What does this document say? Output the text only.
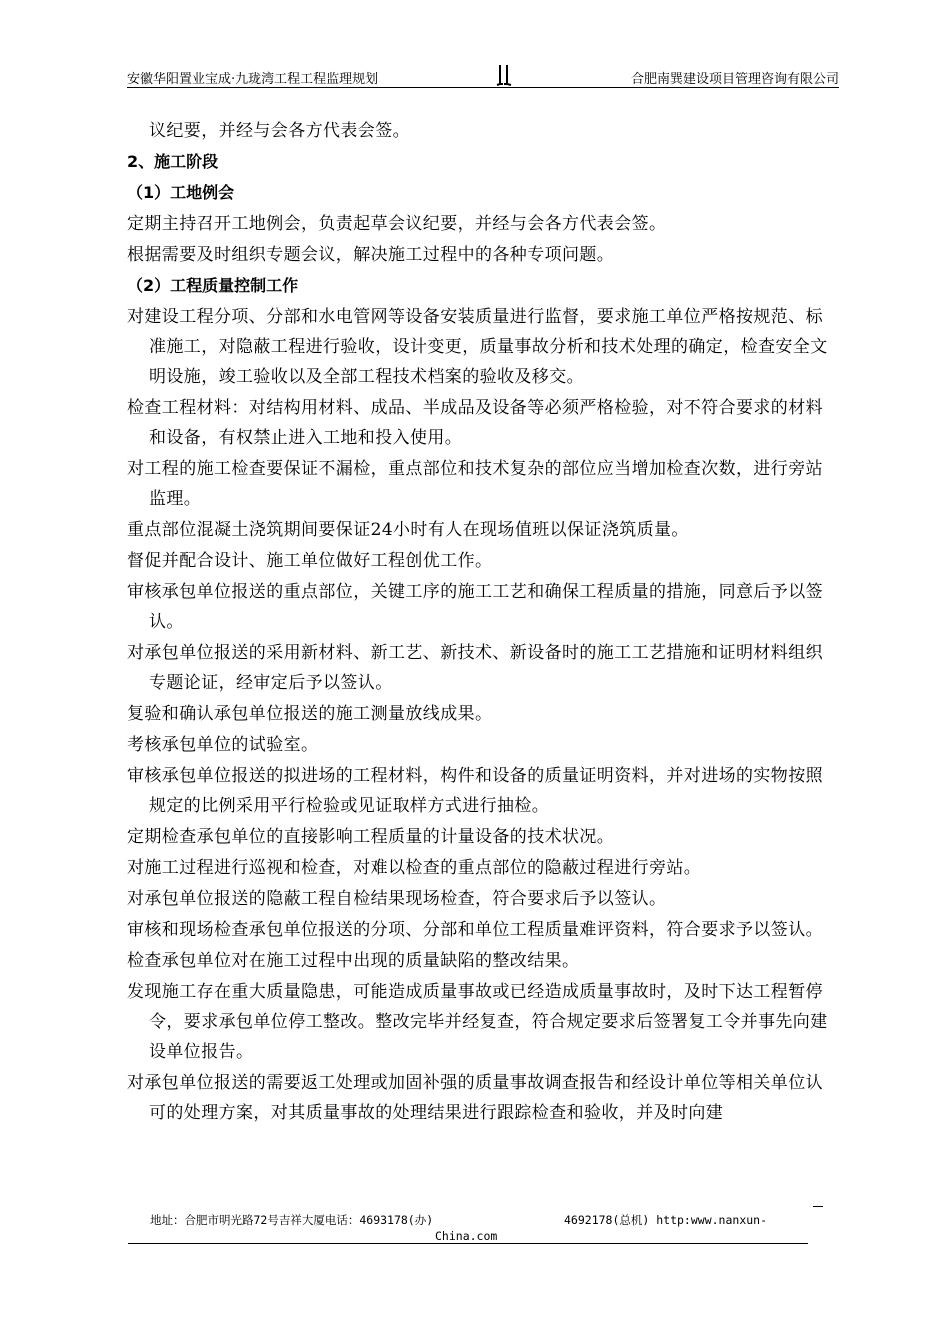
安徽华阳置业宝成·九珑湾工程工程监理规划	合肥南巽建设项目管理咨询有限公司
议纪要，并经与会各方代表会签。
2、施工阶段
（1）工地例会
定期主持召开工地例会，负责起草会议纪要，并经与会各方代表会签。
根据需要及时组织专题会议，解决施工过程中的各种专项问题。
（2）工程质量控制工作
对建设工程分项、分部和水电管网等设备安装质量进行监督，要求施工单位严格按规范、标准施工，对隐蔽工程进行验收，设计变更，质量事故分析和技术处理的确定，检查安全文明设施，竣工验收以及全部工程技术档案的验收及移交。
检查工程材料：对结构用材料、成品、半成品及设备等必须严格检验，对不符合要求的材料和设备，有权禁止进入工地和投入使用。
对工程的施工检查要保证不漏检，重点部位和技术复杂的部位应当增加检查次数，进行旁站监理。
重点部位混凝土浇筑期间要保证24小时有人在现场值班以保证浇筑质量。
督促并配合设计、施工单位做好工程创优工作。
审核承包单位报送的重点部位，关键工序的施工工艺和确保工程质量的措施，同意后予以签认。
对承包单位报送的采用新材料、新工艺、新技术、新设备时的施工工艺措施和证明材料组织专题论证，经审定后予以签认。
复验和确认承包单位报送的施工测量放线成果。
考核承包单位的试验室。
审核承包单位报送的拟进场的工程材料，构件和设备的质量证明资料，并对进场的实物按照规定的比例采用平行检验或见证取样方式进行抽检。
定期检查承包单位的直接影响工程质量的计量设备的技术状况。
对施工过程进行巡视和检查，对难以检查的重点部位的隐蔽过程进行旁站。
对承包单位报送的隐蔽工程自检结果现场检查，符合要求后予以签认。
审核和现场检查承包单位报送的分项、分部和单位工程质量难评资料，符合要求予以签认。
检查承包单位对在施工过程中出现的质量缺陷的整改结果。
发现施工存在重大质量隐患，可能造成质量事故或已经造成质量事故时，及时下达工程暂停令，要求承包单位停工整改。整改完毕并经复查，符合规定要求后签署复工令并事先向建设单位报告。
对承包单位报送的需要返工处理或加固补强的质量事故调查报告和经设计单位等相关单位认可的处理方案，对其质量事故的处理结果进行跟踪检查和验收，并及时向建
地址：合肥市明光路72号吉祥大厦电话：4693178(办)	4692178(总机) http:www.nanxun-
China.com
